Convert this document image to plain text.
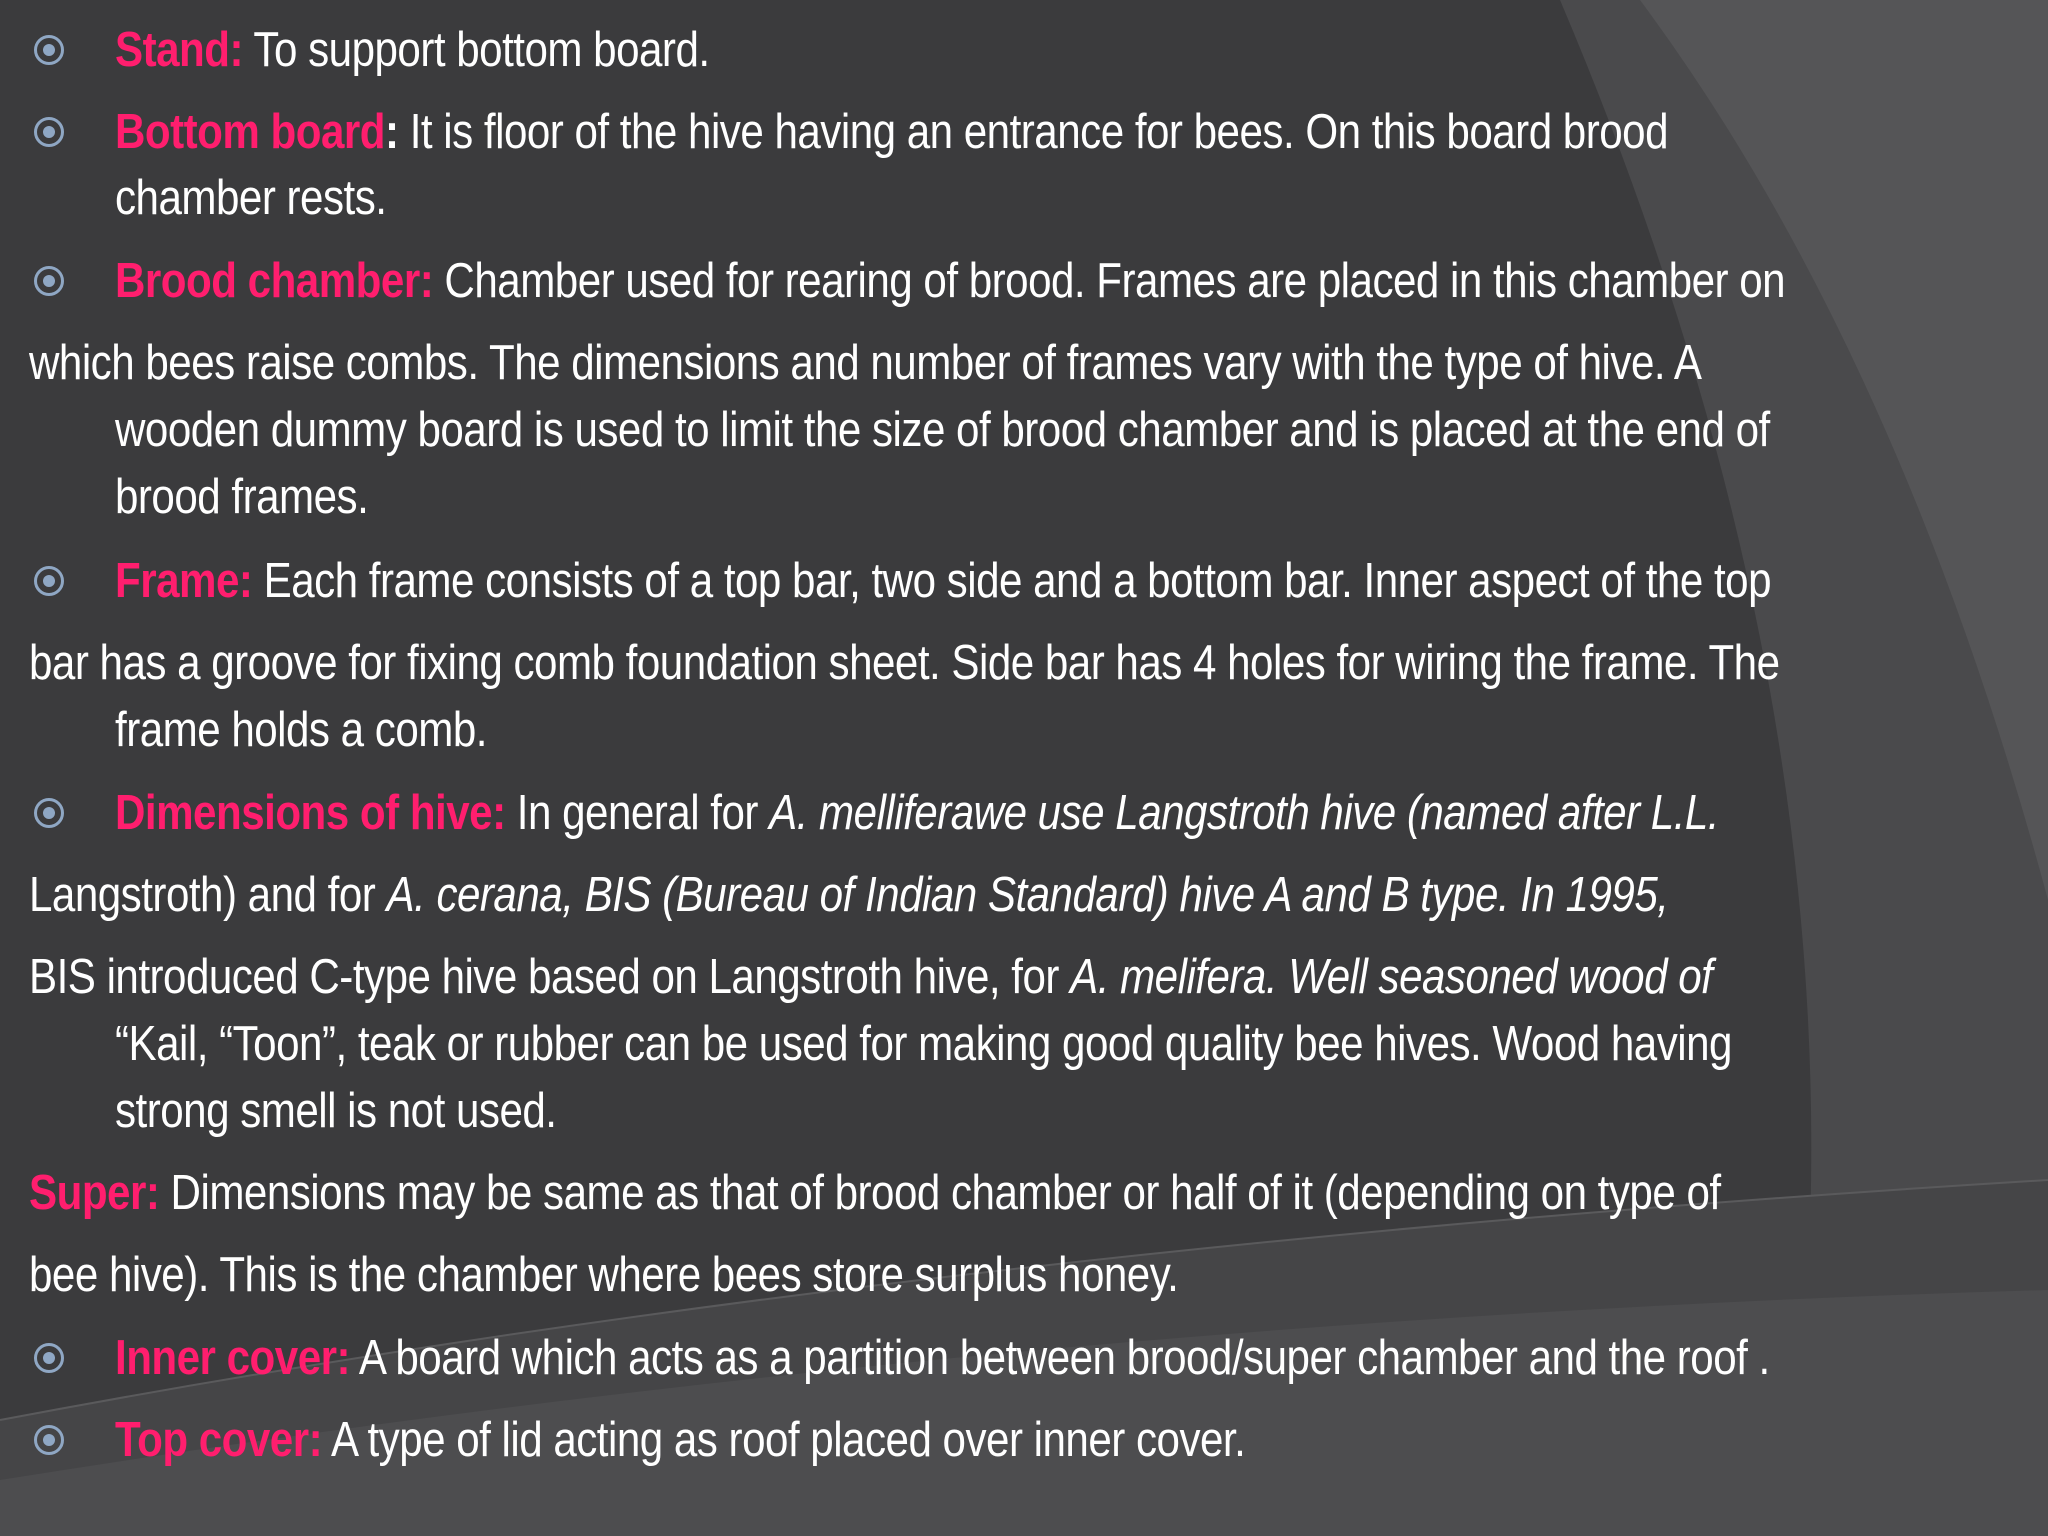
Stand: To support bottom board.
Bottom board: It is floor of the hive having an entrance for bees. On this board brood
chamber rests.
Brood chamber: Chamber used for rearing of brood. Frames are placed in this chamber on
which bees raise combs. The dimensions and number of frames vary with the type of hive. A
wooden dummy board is used to limit the size of brood chamber and is placed at the end of
brood frames.
Frame: Each frame consists of a top bar, two side and a bottom bar. Inner aspect of the top
bar has a groove for fixing comb foundation sheet. Side bar has 4 holes for wiring the frame. The
frame holds a comb.
Dimensions of hive: In general for A. melliferawe use Langstroth hive (named after L.L.
Langstroth) and for A. cerana, BIS (Bureau of Indian Standard) hive A and B type. In 1995,
BIS introduced C-type hive based on Langstroth hive, for A. melifera. Well seasoned wood of
“Kail, “Toon”, teak or rubber can be used for making good quality bee hives. Wood having
strong smell is not used.
Super: Dimensions may be same as that of brood chamber or half of it (depending on type of
bee hive). This is the chamber where bees store surplus honey.
Inner cover: A board which acts as a partition between brood/super chamber and the roof .
Top cover: A type of lid acting as roof placed over inner cover.
